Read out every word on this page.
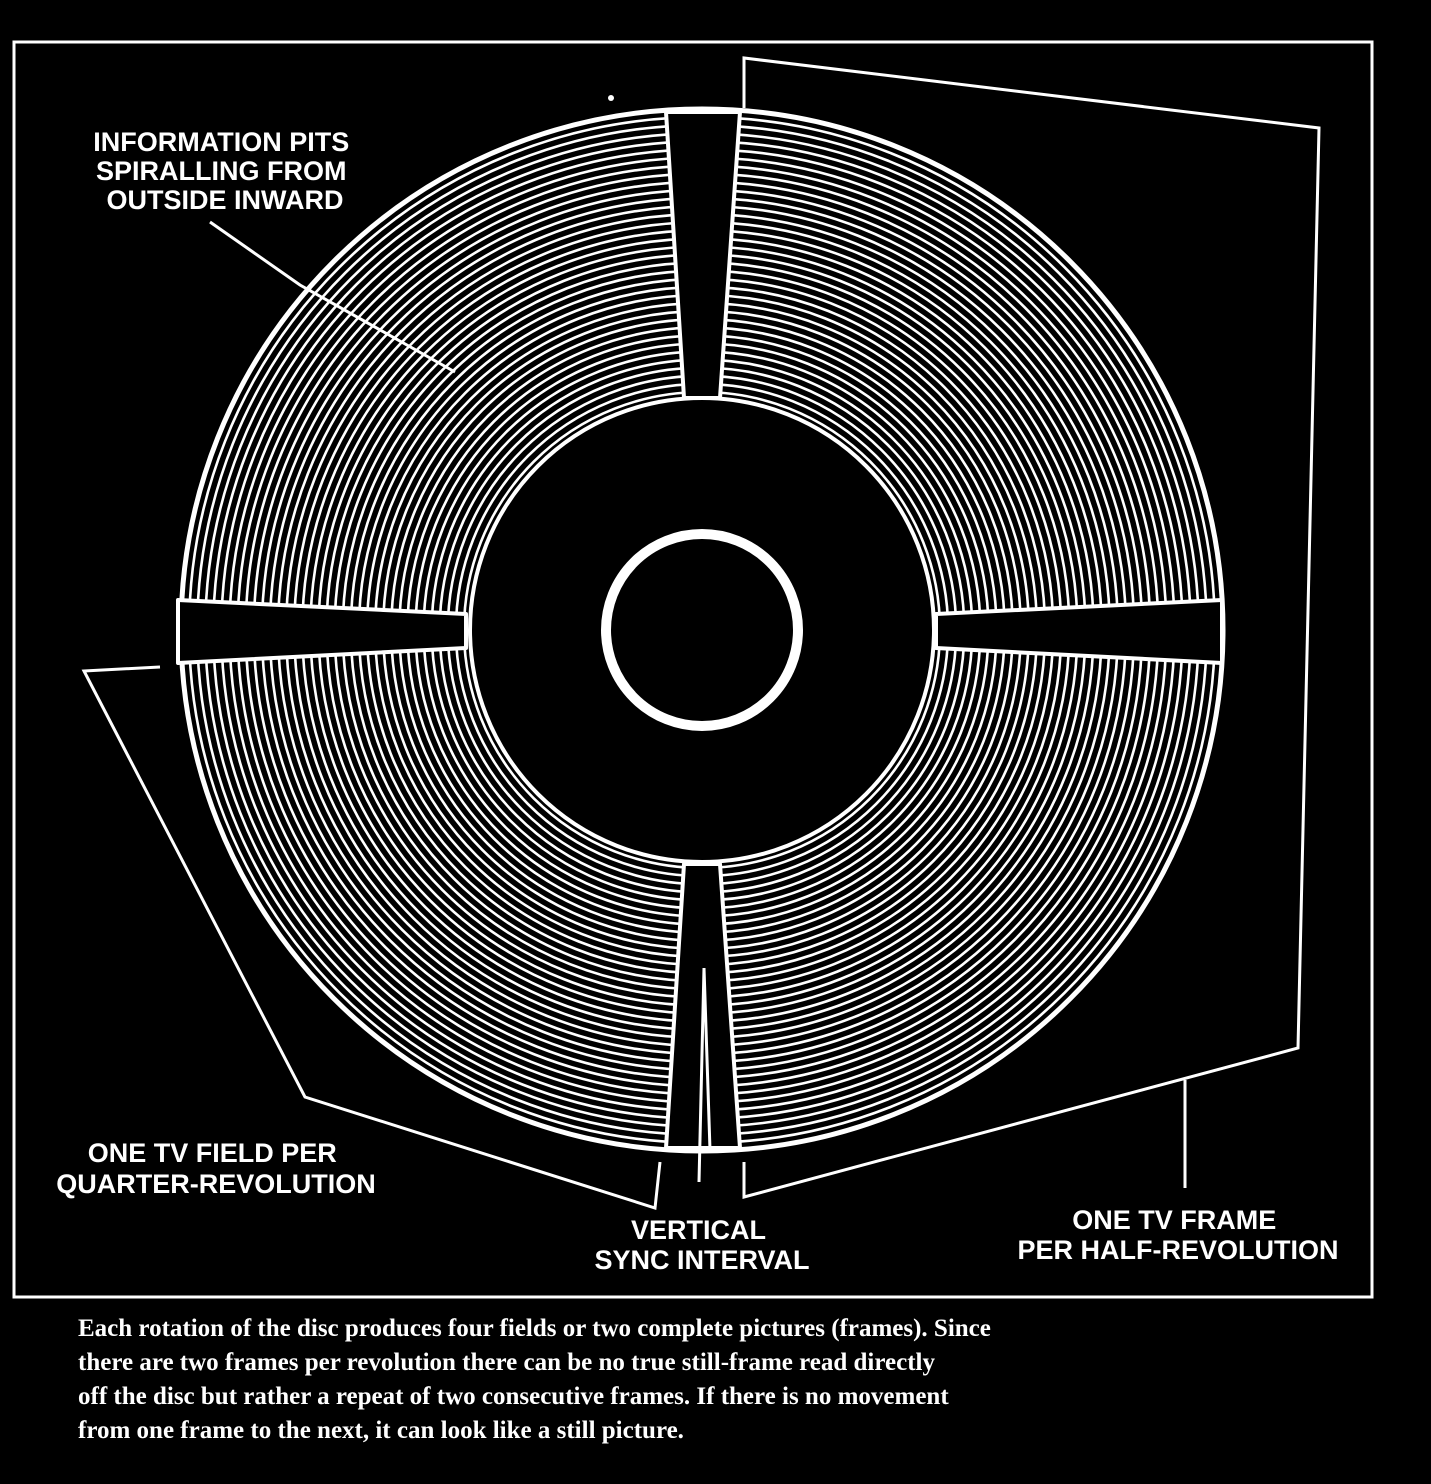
INFORMATION PITS SPIRALLING FROM OUTSIDE INWARD
ONE TV FIELD PER QUARTER-REVOLUTION
VERTICAL SYNC INTERVAL
ONE TV FRAME PER HALF-REVOLUTION
Each rotation of the disc produces four fields or two complete pictures (frames). Since
there are two frames per revolution there can be no true still-frame read directly
off the disc but rather a repeat of two consecutive frames. If there is no movement
from one frame to the next, it can look like a still picture.
